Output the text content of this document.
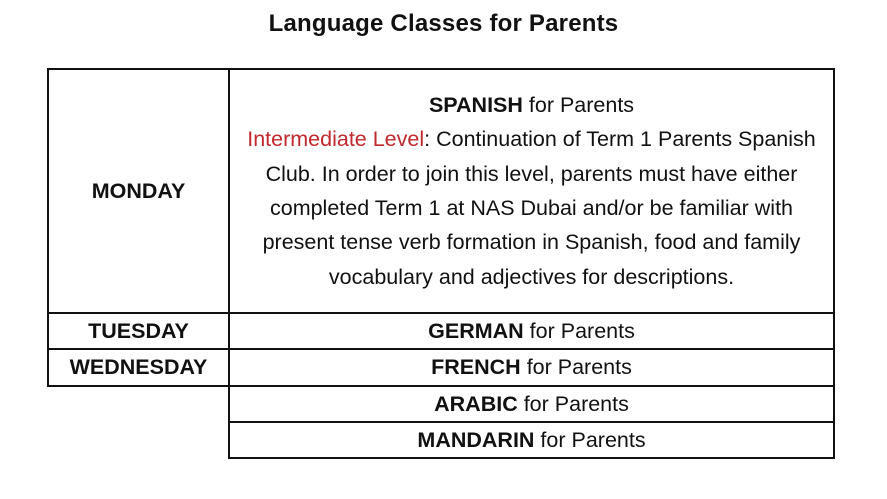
Language Classes for Parents
MONDAY	SPANISH for Parents
Intermediate Level: Continuation of Term 1 Parents Spanish Club. In order to join this level, parents must have either completed Term 1 at NAS Dubai and/or be familiar with present tense verb formation in Spanish, food and family vocabulary and adjectives for descriptions.

TUESDAY	GERMAN for Parents
WEDNESDAY	FRENCH for Parents
	ARABIC for Parents
	MANDARIN for Parents
